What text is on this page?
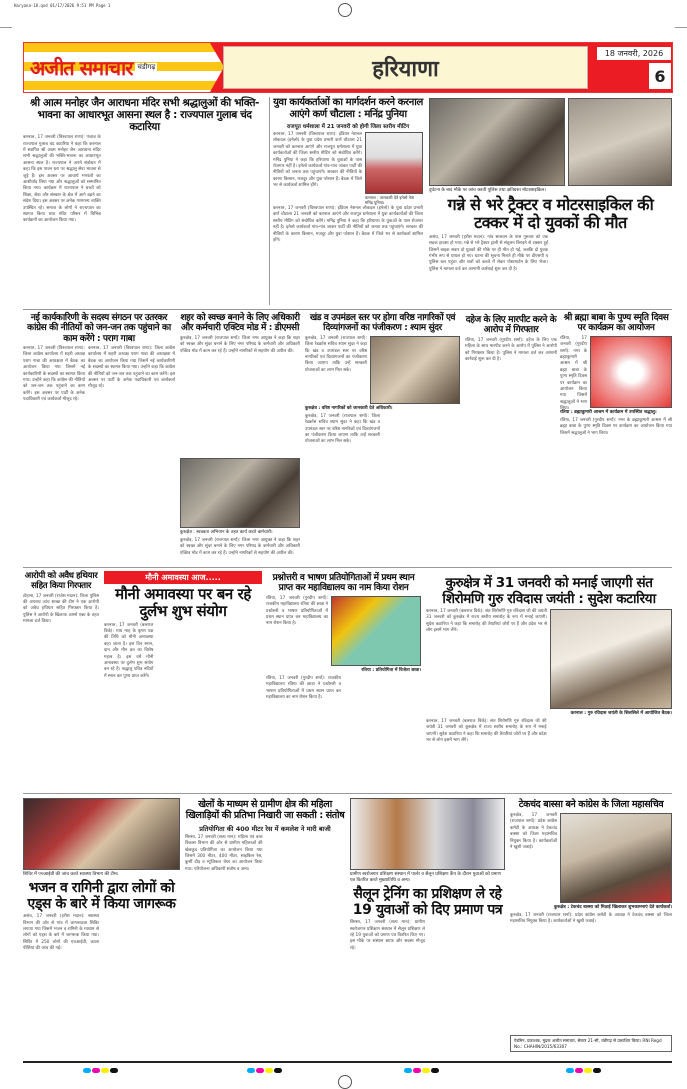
Haryana-18.qxd 01/17/2026 9:51 PM Page 1
अजीत समाचार चंडीगढ़	हरियाणा
18 जनवरी, 2026
6
श्री आत्म मनोहर जैन आराधना मंदिर सभी श्रद्धालुओं की भक्ति-भावना का आधारभूत आसना स्थल है : राज्यपाल गुलाब चंद कटारिया
करनाल, 17 जनवरी (विश्वपाल राणा): पंजाब के राज्यपाल गुलाब चंद कटारिया ने कहा कि करनाल में स्थापित श्री आत्म मनोहर जैन आराधना मंदिर सभी श्रद्धालुओं की भक्ति-भावना का आधारभूत आसना स्थल है। राज्यपाल ने अपने संबोधन में कहा कि इस पावन धरा पर श्रद्धालु सेवा भावना से जुड़े हैं। इस अवसर पर आचार्य भगवंतों का आशीर्वाद लिया गया और श्रद्धालुओं को सम्मानित किया गया। कार्यक्रम में राज्यपाल ने बच्चों को शिक्षा, सेवा और संस्कार के क्षेत्र में आगे बढ़ने का संदेश दिया। इस अवसर पर अनेक गणमान्य व्यक्ति उपस्थित रहे। समाज के लोगों ने राज्यपाल का स्वागत किया तथा मंदिर परिसर में विभिन्न कार्यक्रमों का आयोजन किया गया।
युवा कार्यकर्ताओं का मार्गदर्शन करने करनाल आएंगे कर्ण चौटाला : मनिंद्र पुनिया
राजपूत धर्मशाला में 21 जनवरी को होगी जिला स्तरीय मीटिंग
करनाल, 17 जनवरी (विश्वपाल राणा): इंडियन नेशनल लोकदल (इनेलो) के युवा प्रदेश प्रभारी कर्ण चौटाला 21 जनवरी को करनाल आएंगे और राजपूत धर्मशाला में युवा कार्यकर्ताओं की जिला स्तरीय मीटिंग को संबोधित करेंगे। मनिंद्र पुनिया ने कहा कि हरियाणा के युवाओं के पास रोजगार नहीं है। इनेलो कार्यकर्ता गांव-गांव जाकर पार्टी की नीतियों को जनता तक पहुंचाएंगे। सरकार की नीतियों के कारण किसान, मजदूर और युवा परेशान हैं। बैठक में जिले भर से कार्यकर्ता शामिल होंगे।
करनाल : जानकारी देते इनेलो नेता मनिंद्र पुनिया।
करनाल, 17 जनवरी (विश्वपाल राणा): इंडियन नेशनल लोकदल (इनेलो) के युवा प्रदेश प्रभारी कर्ण चौटाला 21 जनवरी को करनाल आएंगे और राजपूत धर्मशाला में युवा कार्यकर्ताओं की जिला स्तरीय मीटिंग को संबोधित करेंगे। मनिंद्र पुनिया ने कहा कि हरियाणा के युवाओं के पास रोजगार नहीं है। इनेलो कार्यकर्ता गांव-गांव जाकर पार्टी की नीतियों को जनता तक पहुंचाएंगे। सरकार की नीतियों के कारण किसान, मजदूर और युवा परेशान हैं। बैठक में जिले भर से कार्यकर्ता शामिल होंगे।
दुर्घटना के बाद मौके पर जांच करती पुलिस तथा क्षतिग्रस्त मोटरसाइकिल।
गन्ने से भरे ट्रैक्टर व मोटरसाइकिल की टक्कर में दो युवकों की मौत
असंध, 17 जनवरी (हरीश मदान): गांव सालवन के पास गुरुवार को एक सड़क हादसा हो गया। गन्ने से भरे ट्रैक्टर ट्राली से संतुलन बिगड़ने से टक्कर हुई जिसमें बाइक सवार दो युवकों की मौके पर ही मौत हो गई, जबकि दो युवक गंभीर रूप से घायल हो गए। घटना की सूचना मिलते ही मौके पर डीएसपी व पुलिस बल पहुंचा और शवों को कब्जे में लेकर पोस्टमार्टम के लिए भेजा। पुलिस ने मामला दर्ज कर आगामी कार्रवाई शुरू कर दी है।
नई कार्यकारिणी के सदस्य संगठन पर उतरकर कांग्रेस की नीतियों को जन-जन तक पहुंचाने का काम करेंगे : पराग गाबा
करनाल, 17 जनवरी (विश्वपाल राणा): जिला कांग्रेस कार्यालय में शहरी अध्यक्ष पराग गाबा की अध्यक्षता में बैठक का आयोजन किया गया जिसमें नई कार्यकारिणी के सदस्यों का स्वागत किया गया। उन्होंने कहा कि कांग्रेस की नीतियों को जन-जन तक पहुंचाने का काम करेंगे। इस अवसर पर पार्टी के अनेक पदाधिकारी एवं कार्यकर्ता मौजूद रहे।
करनाल, 17 जनवरी (विश्वपाल राणा): जिला कांग्रेस कार्यालय में शहरी अध्यक्ष पराग गाबा की अध्यक्षता में बैठक का आयोजन किया गया जिसमें नई कार्यकारिणी के सदस्यों का स्वागत किया गया। उन्होंने कहा कि कांग्रेस की नीतियों को जन-जन तक पहुंचाने का काम करेंगे। इस अवसर पर पार्टी के अनेक पदाधिकारी एवं कार्यकर्ता मौजूद रहे।
शहर को स्वच्छ बनाने के लिए अधिकारी और कर्मचारी एक्टिव मोड में : डीएमसी
कुरुक्षेत्र, 17 जनवरी (राजपाल शर्मा): जिला नगर आयुक्त ने कहा कि शहर को स्वच्छ और सुंदर बनाने के लिए नगर परिषद के कर्मचारी और अधिकारी एक्टिव मोड में काम कर रहे हैं। उन्होंने नागरिकों से सहयोग की अपील की।
कुरुक्षेत्र : स्वच्छता अभियान के तहत कार्य करते कर्मचारी।
कुरुक्षेत्र, 17 जनवरी (राजपाल शर्मा): जिला नगर आयुक्त ने कहा कि शहर को स्वच्छ और सुंदर बनाने के लिए नगर परिषद के कर्मचारी और अधिकारी एक्टिव मोड में काम कर रहे हैं। उन्होंने नागरिकों से सहयोग की अपील की।
खंड व उपमंडल स्तर पर होगा वरिष्ठ नागरिकों एवं दिव्यांगजनों का पंजीकरण : श्याम सुंदर
कुरुक्षेत्र, 17 जनवरी (राजपाल शर्मा): जिला रेडक्रॉस सचिव श्याम सुंदर ने कहा कि खंड व उपमंडल स्तर पर वरिष्ठ नागरिकों एवं दिव्यांगजनों का पंजीकरण किया जाएगा ताकि उन्हें सरकारी योजनाओं का लाभ मिल सके।
कुरुक्षेत्र : वरिष्ठ नागरिकों को जानकारी देते अधिकारी।
कुरुक्षेत्र, 17 जनवरी (राजपाल शर्मा): जिला रेडक्रॉस सचिव श्याम सुंदर ने कहा कि खंड व उपमंडल स्तर पर वरिष्ठ नागरिकों एवं दिव्यांगजनों का पंजीकरण किया जाएगा ताकि उन्हें सरकारी योजनाओं का लाभ मिल सके।
दहेज के लिए मारपीट करने के आरोप में गिरफ्तार
रतिया, 17 जनवरी (गुरदीप शर्मा): दहेज के लिए एक महिला के साथ मारपीट करने के आरोप में पुलिस ने आरोपी को गिरफ्तार किया है। पुलिस ने मामला दर्ज कर आगामी कार्रवाई शुरू कर दी है।
श्री ब्रह्मा बाबा के पुण्य स्मृति दिवस पर कार्यक्रम का आयोजन
रतिया, 17 जनवरी (गुरदीप शर्मा): नगर के ब्रह्माकुमारी आश्रम में श्री ब्रह्मा बाबा के पुण्य स्मृति दिवस पर कार्यक्रम का आयोजन किया गया जिसमें श्रद्धालुओं ने भाग लिया।
रतिया : ब्रह्माकुमारी आश्रम में कार्यक्रम में उपस्थित श्रद्धालु।
रतिया, 17 जनवरी (गुरदीप शर्मा): नगर के ब्रह्माकुमारी आश्रम में श्री ब्रह्मा बाबा के पुण्य स्मृति दिवस पर कार्यक्रम का आयोजन किया गया जिसमें श्रद्धालुओं ने भाग लिया।
आरोपी को अवैध हथियार सहित किया गिरफ्तार
टोहाना, 17 जनवरी (राजेश मदान): जिला पुलिस की अपराध जांच शाखा की टीम ने एक आरोपी को अवैध हथियार सहित गिरफ्तार किया है। पुलिस ने आरोपी के खिलाफ आर्म्स एक्ट के तहत मामला दर्ज किया।
मौनी अमावस्या आज.....
मौनी अमावस्या पर बन रहे दुर्लभ शुभ संयोग
करनाल, 17 जनवरी (बलराज विर्क): माघ माह के कृष्ण पक्ष की तिथि को मौनी अमावस्या कहा जाता है। इस दिन स्नान, दान और मौन व्रत का विशेष महत्व है। इस वर्ष मौनी अमावस्या पर दुर्लभ शुभ संयोग बन रहे हैं। श्रद्धालु पवित्र नदियों में स्नान कर पुण्य प्राप्त करेंगे।
प्रश्नोत्तरी व भाषण प्रतियोगिताओं में प्रथम स्थान प्राप्त कर महाविद्यालय का नाम किया रोशन
रतिया, 17 जनवरी (गुरदीप शर्मा): राजकीय महाविद्यालय रतिया की छात्रा ने प्रश्नोत्तरी व भाषण प्रतियोगिताओं में प्रथम स्थान प्राप्त कर महाविद्यालय का नाम रोशन किया है।
रतिया : प्रतियोगिता में विजेता छात्रा।
रतिया, 17 जनवरी (गुरदीप शर्मा): राजकीय महाविद्यालय रतिया की छात्रा ने प्रश्नोत्तरी व भाषण प्रतियोगिताओं में प्रथम स्थान प्राप्त कर महाविद्यालय का नाम रोशन किया है।
कुरुक्षेत्र में 31 जनवरी को मनाई जाएगी संत शिरोमणि गुरु रविदास जयंती : सुदेश कटारिया
करनाल, 17 जनवरी (बलराज विर्क): संत शिरोमणि गुरु रविदास जी की जयंती 31 जनवरी को कुरुक्षेत्र में राज्य स्तरीय समारोह के रूप में मनाई जाएगी। सुदेश कटारिया ने कहा कि समारोह की तैयारियां जोरों पर हैं और प्रदेश भर से लोग इसमें भाग लेंगे।
करनाल : गुरु रविदास जयंती के सिलसिले में आयोजित बैठक।
करनाल, 17 जनवरी (बलराज विर्क): संत शिरोमणि गुरु रविदास जी की जयंती 31 जनवरी को कुरुक्षेत्र में राज्य स्तरीय समारोह के रूप में मनाई जाएगी। सुदेश कटारिया ने कहा कि समारोह की तैयारियां जोरों पर हैं और प्रदेश भर से लोग इसमें भाग लेंगे।
शिविर में एचआईवी की जांच करते स्वास्थ्य विभाग की टीम।
भजन व रागिनी द्वारा लोगों को एड्स के बारे में किया जागरूक
असंध, 17 जनवरी (हरीश मदान): स्वास्थ्य विभाग की ओर से गांव में जागरूकता शिविर लगाया गया जिसमें भजन व रागिनी के माध्यम से लोगों को एड्स के बारे में जागरूक किया गया। शिविर में 250 लोगों की एचआईवी, काला पीलिया की जांच की गई।
खेलों के माध्यम से ग्रामीण क्षेत्र की महिला खिलाड़ियों की प्रतिभा निखारी जा सकती : संतोष
प्रतियोगिता की 400 मीटर रेस में कमलेश ने मारी बाजी
सिरसा, 17 जनवरी (सत्य मान): महिला एवं बाल विकास विभाग की ओर से ग्रामीण महिलाओं की खेलकूद प्रतियोगिता का आयोजन किया गया जिसमें 300 मीटर, 400 मीटर, साइकिल रेस, कुर्सी दौड़ व म्यूजिकल चेयर का आयोजन किया गया। परियोजना अधिकारी संतोष व अन्य।
ग्रामीण स्वरोजगार प्रशिक्षण संस्थान में पार्लर व सैलून प्रशिक्षण कैंप के दौरान युवाओं को प्रमाण पत्र वितरित करते मुख्यातिथि व अन्य।
सैलून ट्रेनिंग का प्रशिक्षण ले रहे 19 युवाओं को दिए प्रमाण पत्र
सिरसा, 17 जनवरी (सत्य मान): ग्रामीण स्वरोजगार प्रशिक्षण संस्थान में सैलून प्रशिक्षण ले रहे 19 युवाओं को प्रमाण पत्र वितरित किए गए। इस मौके पर संस्थान स्टाफ और सदस्य मौजूद रहे।
टेकचंद बास्सा बने कांग्रेस के जिला महासचिव
कुरुक्षेत्र, 17 जनवरी (राजपाल शर्मा): प्रदेश कांग्रेस कमेटी के अध्यक्ष ने टेकचंद बास्सा को जिला महासचिव नियुक्त किया है। कार्यकर्ताओं ने खुशी जताई।
कुरुक्षेत्र : टेकचंद बास्सा को मिठाई खिलाकर शुभकामनाएं देते कार्यकर्ता।
कुरुक्षेत्र, 17 जनवरी (राजपाल शर्मा): प्रदेश कांग्रेस कमेटी के अध्यक्ष ने टेकचंद बास्सा को जिला महासचिव नियुक्त किया है। कार्यकर्ताओं ने खुशी जताई।
ऐडमिन, प्रकाशक, मुद्रक अजीत समाचार, सेक्टर 21-सी, चंडीगढ़ से प्रकाशित किया। RNI Regd No.: CHAHIN/2015/63307
